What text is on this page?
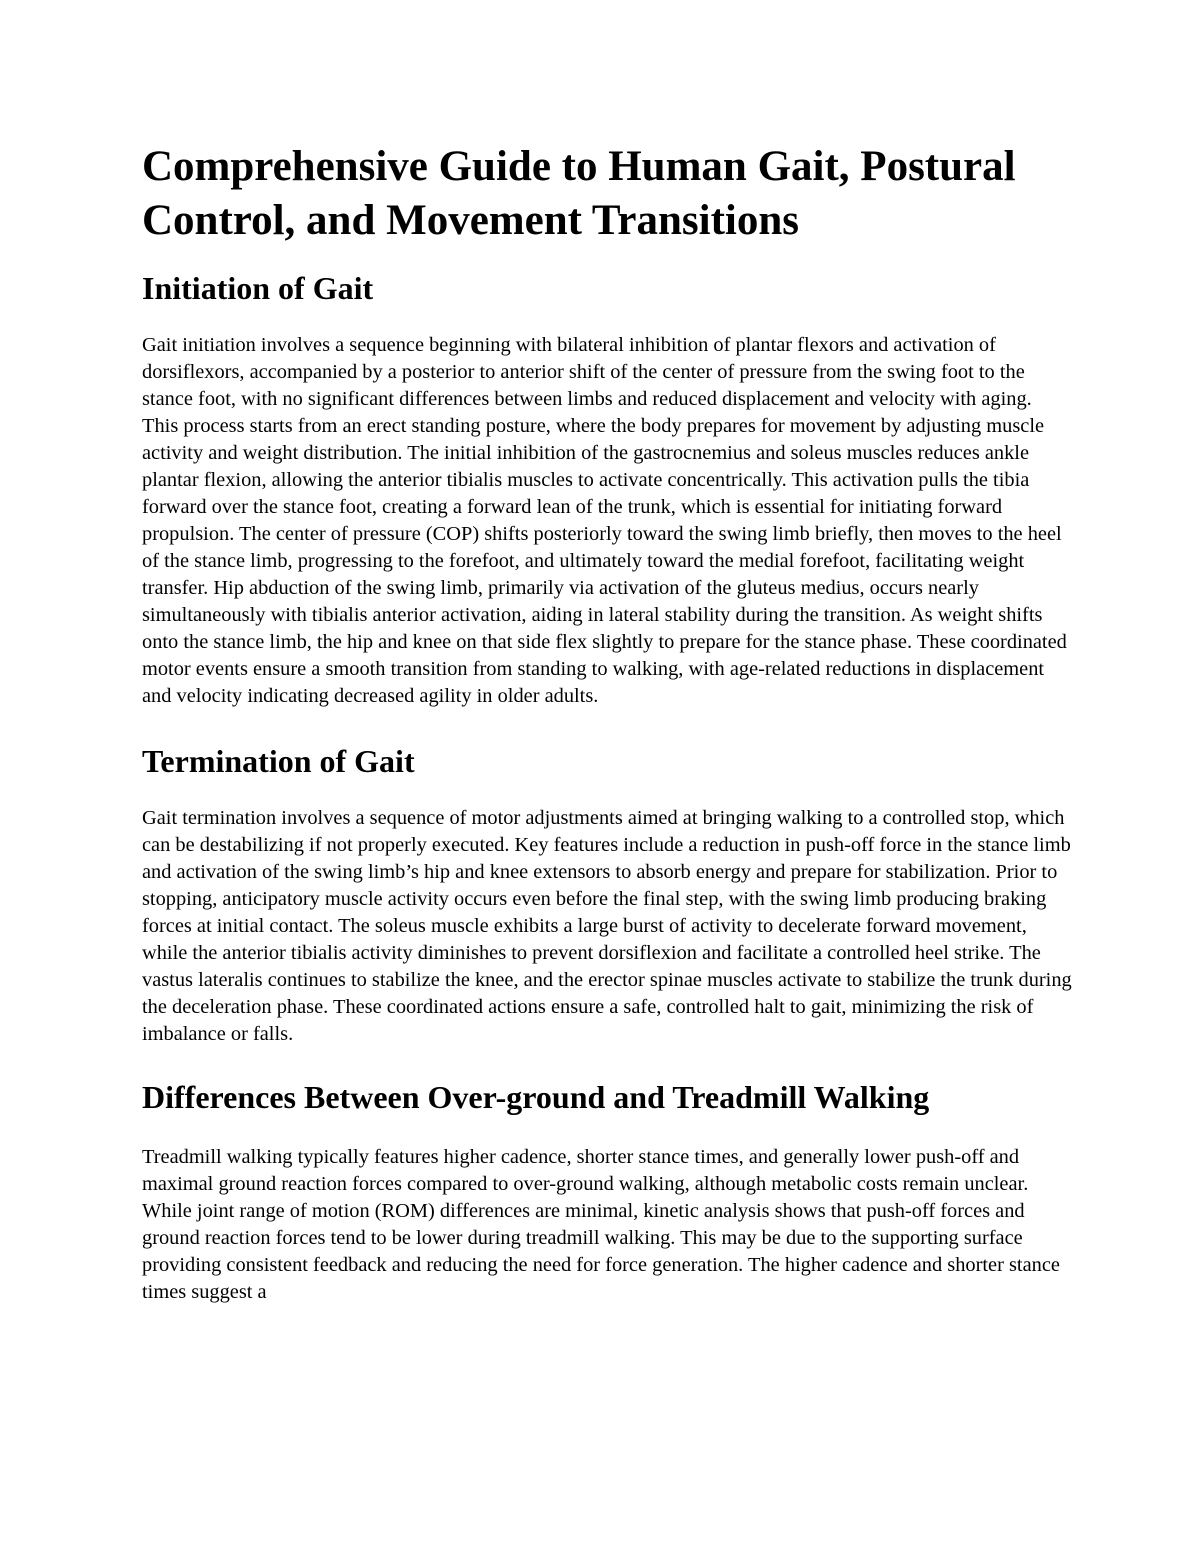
Comprehensive Guide to Human Gait, Postural Control, and Movement Transitions
Initiation of Gait

Gait initiation involves a sequence beginning with bilateral inhibition of plantar flexors and activation of dorsiflexors, accompanied by a posterior to anterior shift of the center of pressure from the swing foot to the stance foot, with no significant differences between limbs and reduced displacement and velocity with aging. This process starts from an erect standing posture, where the body prepares for movement by adjusting muscle activity and weight distribution. The initial inhibition of the gastrocnemius and soleus muscles reduces ankle plantar flexion, allowing the anterior tibialis muscles to activate concentrically. This activation pulls the tibia forward over the stance foot, creating a forward lean of the trunk, which is essential for initiating forward propulsion. The center of pressure (COP) shifts posteriorly toward the swing limb briefly, then moves to the heel of the stance limb, progressing to the forefoot, and ultimately toward the medial forefoot, facilitating weight transfer. Hip abduction of the swing limb, primarily via activation of the gluteus medius, occurs nearly simultaneously with tibialis anterior activation, aiding in lateral stability during the transition. As weight shifts onto the stance limb, the hip and knee on that side flex slightly to prepare for the stance phase. These coordinated motor events ensure a smooth transition from standing to walking, with age-related reductions in displacement and velocity indicating decreased agility in older adults.

Termination of Gait

Gait termination involves a sequence of motor adjustments aimed at bringing walking to a controlled stop, which can be destabilizing if not properly executed. Key features include a reduction in push-off force in the stance limb and activation of the swing limb’s hip and knee extensors to absorb energy and prepare for stabilization. Prior to stopping, anticipatory muscle activity occurs even before the final step, with the swing limb producing braking forces at initial contact. The soleus muscle exhibits a large burst of activity to decelerate forward movement, while the anterior tibialis activity diminishes to prevent dorsiflexion and facilitate a controlled heel strike. The vastus lateralis continues to stabilize the knee, and the erector spinae muscles activate to stabilize the trunk during the deceleration phase. These coordinated actions ensure a safe, controlled halt to gait, minimizing the risk of imbalance or falls.

Differences Between Over-ground and Treadmill Walking

Treadmill walking typically features higher cadence, shorter stance times, and generally lower push-off and maximal ground reaction forces compared to over-ground walking, although metabolic costs remain unclear. While joint range of motion (ROM) differences are minimal, kinetic analysis shows that push-off forces and ground reaction forces tend to be lower during treadmill walking. This may be due to the supporting surface providing consistent feedback and reducing the need for force generation. The higher cadence and shorter stance times suggest a
